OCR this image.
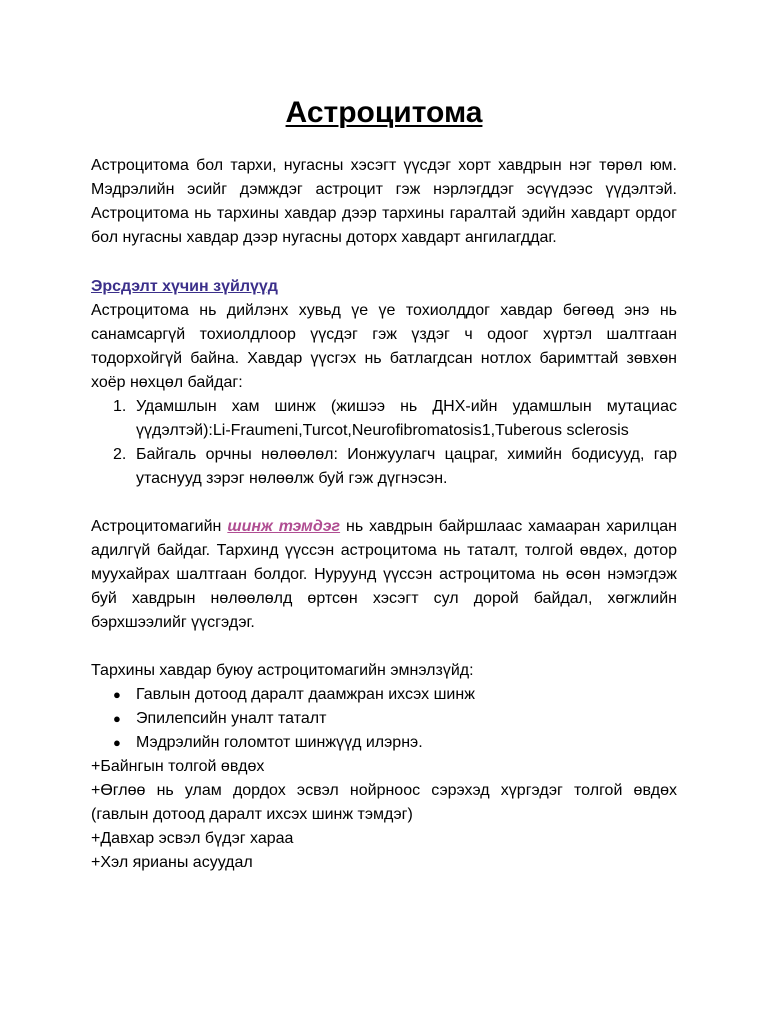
Астроцитома

Астроцитома бол тархи, нугасны хэсэгт үүсдэг хорт хавдрын нэг төрөл юм. Мэдрэлийн эсийг дэмждэг астроцит гэж нэрлэгддэг эсүүдээс үүдэлтэй. Астроцитома нь тархины хавдар дээр тархины гаралтай эдийн хавдарт ордог бол нугасны хавдар дээр нугасны доторх хавдарт ангилагддаг.

Эрсдэлт хүчин зүйлүүд

Астроцитома нь дийлэнх хувьд үе үе тохиолддог хавдар бөгөөд энэ нь санамсаргүй тохиолдлоор үүсдэг гэж үздэг ч одоог хүртэл шалтгаан тодорхойгүй байна. Хавдар үүсгэх нь батлагдсан нотлох баримттай зөвхөн хоёр нөхцөл байдаг:

1. Удамшлын хам шинж (жишээ нь ДНХ-ийн удамшлын мутациас үүдэлтэй):Li-Fraumeni,Turcot,Neurofibromatosis1,Tuberous sclerosis
2. Байгаль орчны нөлөөлөл: Ионжуулагч цацраг, химийн бодисууд, гар утаснууд зэрэг нөлөөлж буй гэж дүгнэсэн.

Астроцитомагийн шинж тэмдэг нь хавдрын байршлаас хамааран харилцан адилгүй байдаг. Тархинд үүссэн астроцитома нь таталт, толгой өвдөх, дотор муухайрах шалтгаан болдог. Нуруунд үүссэн астроцитома нь өсөн нэмэгдэж буй хавдрын нөлөөлөлд өртсөн хэсэгт сул дорой байдал, хөгжлийн бэрхшээлийг үүсгэдэг.

Тархины хавдар буюу астроцитомагийн эмнэлзүйд:

● Гавлын дотоод даралт даамжран ихсэх шинж
● Эпилепсийн уналт таталт
● Мэдрэлийн голомтот шинжүүд илэрнэ.

+Байнгын толгой өвдөх

+Өглөө нь улам дордох эсвэл нойрноос сэрэхэд хүргэдэг толгой өвдөх (гавлын дотоод даралт ихсэх шинж тэмдэг)

+Давхар эсвэл бүдэг хараа

+Хэл ярианы асуудал
